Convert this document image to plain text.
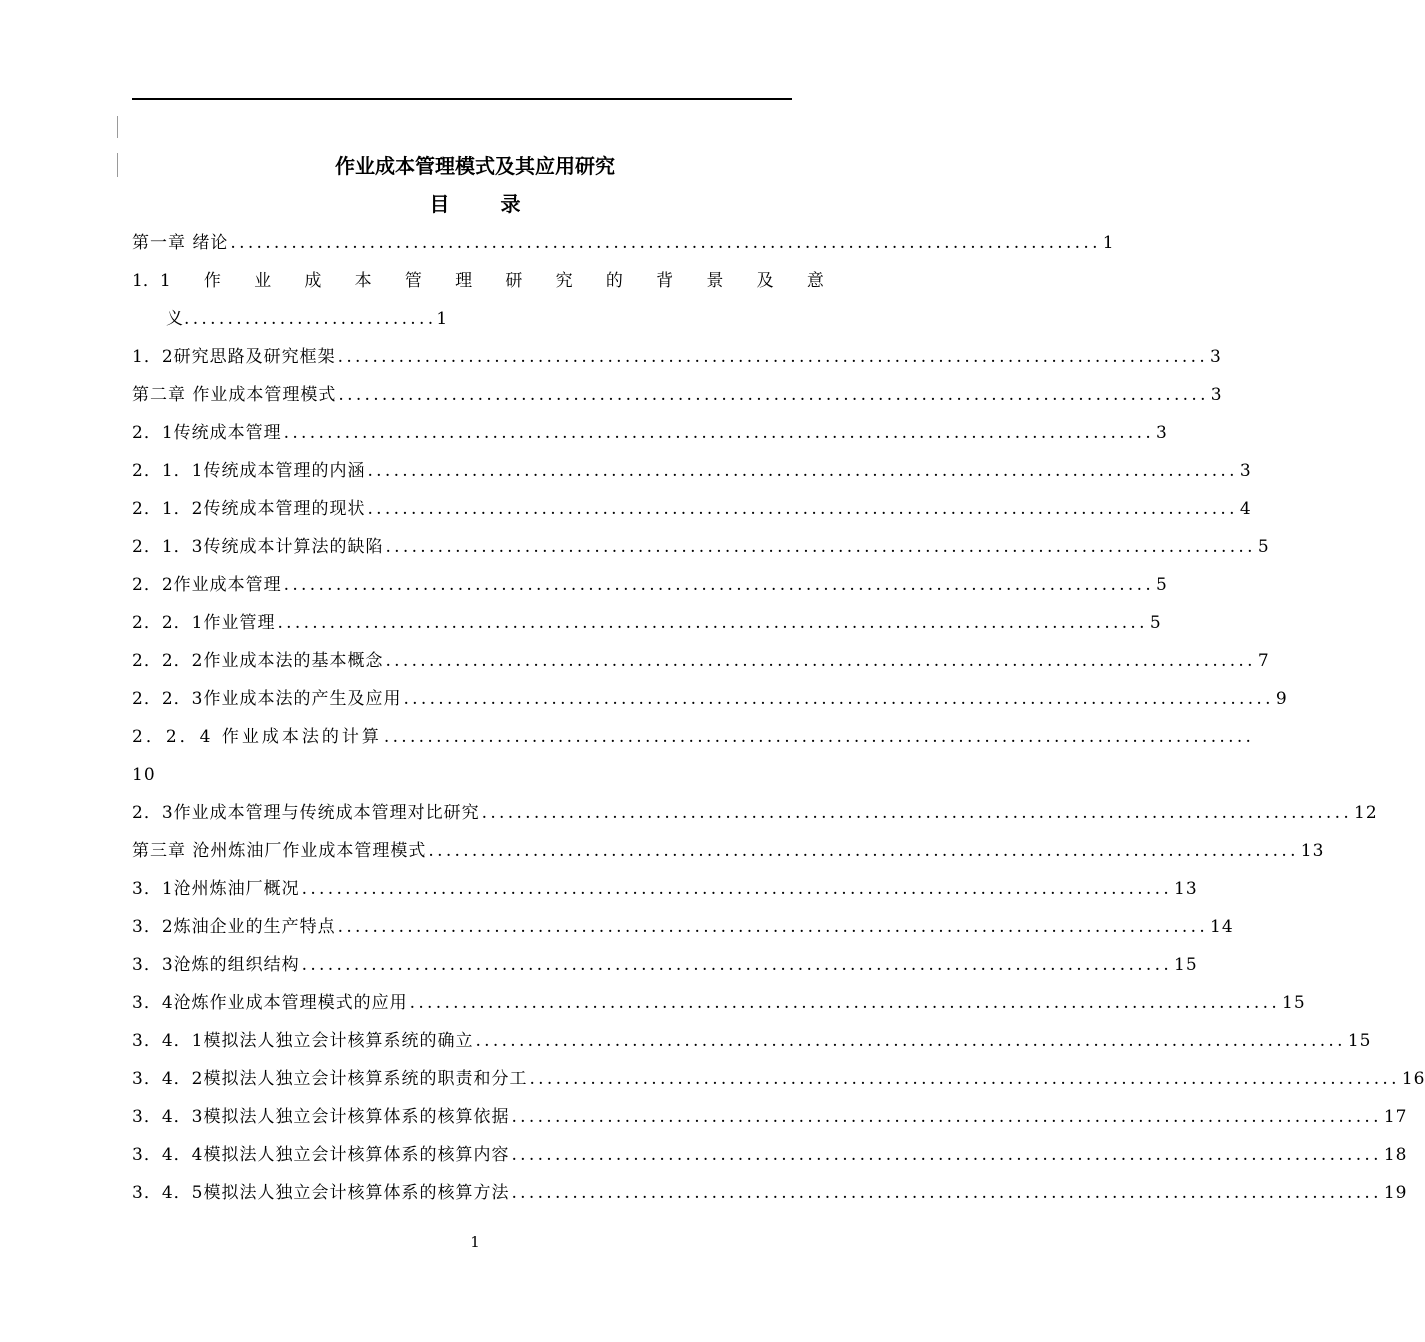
作业成本管理模式及其应用研究
目 录
第一章 绪论 .................................................................................................... 1
1．1 作 业 成 本 管 理 研 究 的 背 景 及 意
义.............................1
1．2研究思路及研究框架 .................................................................................................... 3
第二章 作业成本管理模式 .................................................................................................... 3
2．1传统成本管理 .................................................................................................... 3
2．1．1传统成本管理的内涵 .................................................................................................... 3
2．1．2传统成本管理的现状 .................................................................................................... 4
2．1．3传统成本计算法的缺陷 .................................................................................................... 5
2．2作业成本管理 .................................................................................................... 5
2．2．1作业管理 .................................................................................................... 5
2．2．2作业成本法的基本概念 .................................................................................................... 7
2．2．3作业成本法的产生及应用 .................................................................................................... 9
2．2．4 作业成本法的计算 ....................................................................................................
10
2．3作业成本管理与传统成本管理对比研究 .................................................................................................... 12
第三章 沧州炼油厂作业成本管理模式 .................................................................................................... 13
3．1沧州炼油厂概况 .................................................................................................... 13
3．2炼油企业的生产特点 .................................................................................................... 14
3．3沧炼的组织结构 .................................................................................................... 15
3．4沧炼作业成本管理模式的应用 .................................................................................................... 15
3．4．1模拟法人独立会计核算系统的确立 .................................................................................................... 15
3．4．2模拟法人独立会计核算系统的职责和分工 .................................................................................................... 16
3．4．3模拟法人独立会计核算体系的核算依据 .................................................................................................... 17
3．4．4模拟法人独立会计核算体系的核算内容 .................................................................................................... 18
3．4．5模拟法人独立会计核算体系的核算方法 .................................................................................................... 19
1
